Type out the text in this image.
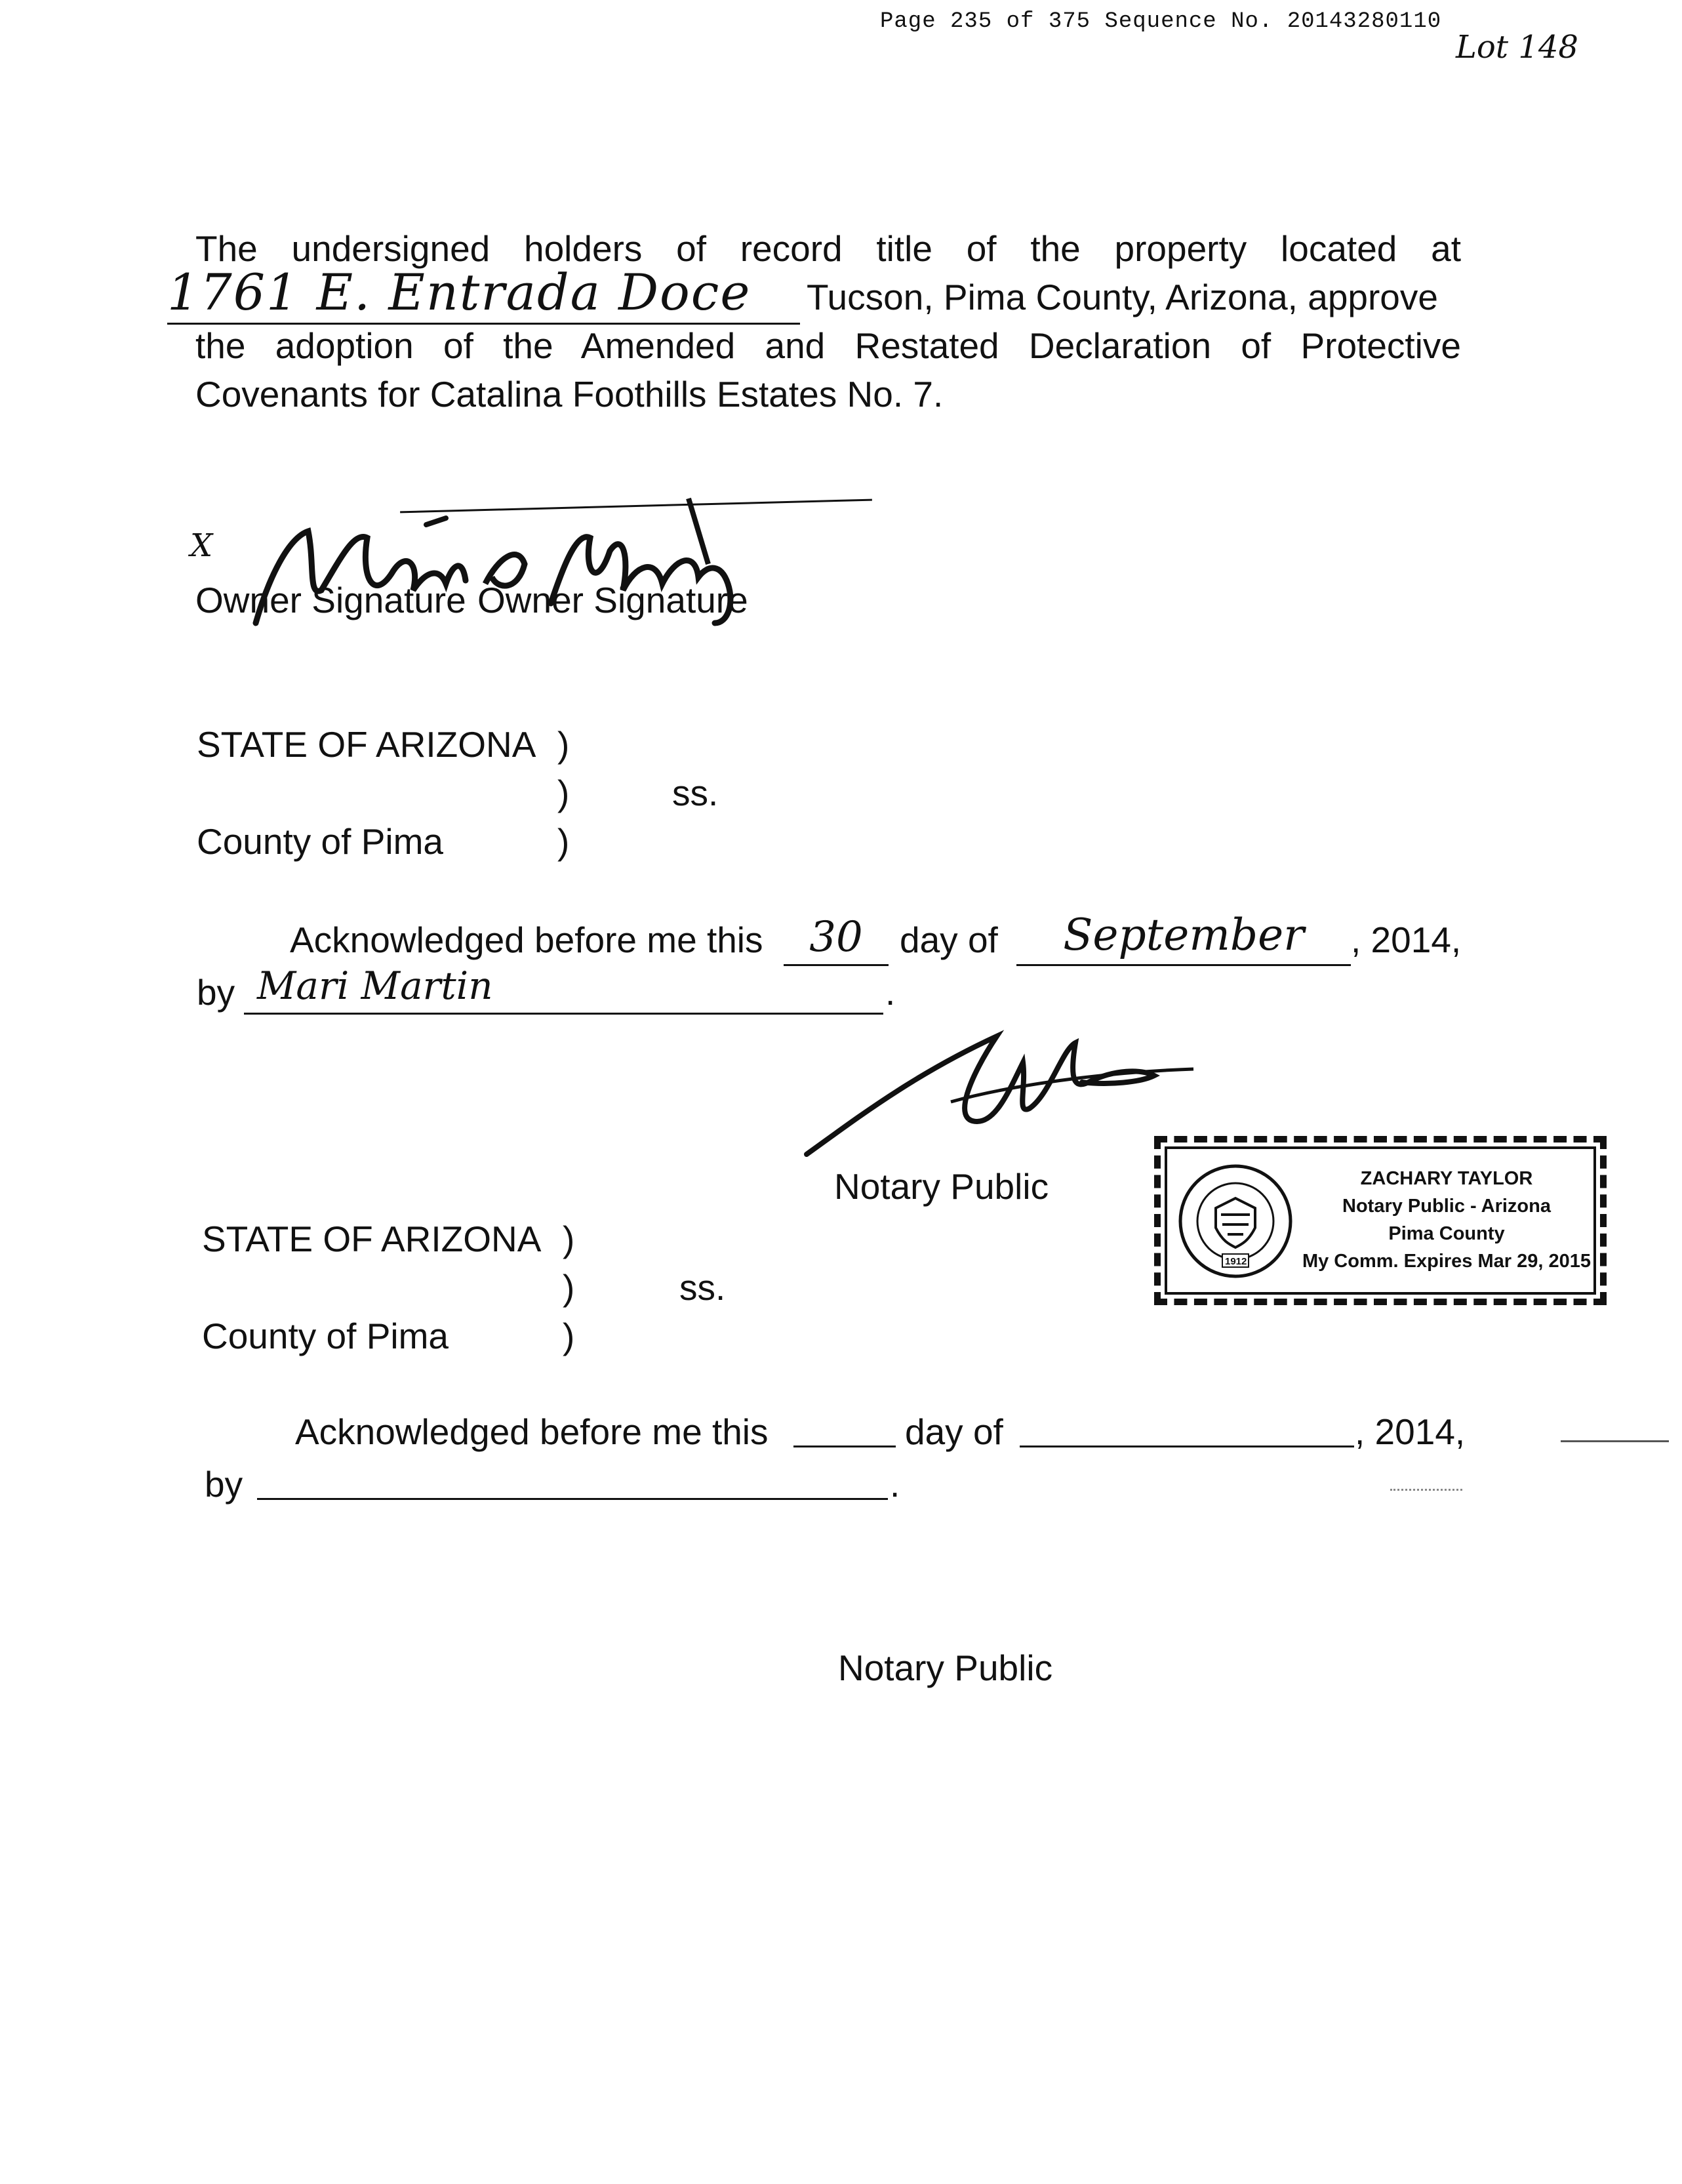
Page 235 of 375 Sequence No. 20143280110
Lot 148
The undersigned holders of record title of the property located at
1761 E. Entrada Doce	Tucson, Pima County, Arizona, approve
the adoption of the Amended and Restated Declaration of Protective
Covenants for Catalina Foothills Estates No. 7.
X
Owner Signature Owner Signature
STATE OF ARIZONA )
)	ss.
County of Pima	)
Acknowledged before me this	30	day of	September	, 2014,
by Mari Martin	.
Notary Public
1912
ZACHARY TAYLOR
Notary Public - Arizona
Pima County
My Comm. Expires Mar 29, 2015
STATE OF ARIZONA )
)	ss.
County of Pima	)
Acknowledged before me this	day of	, 2014,
by	.
Notary Public
